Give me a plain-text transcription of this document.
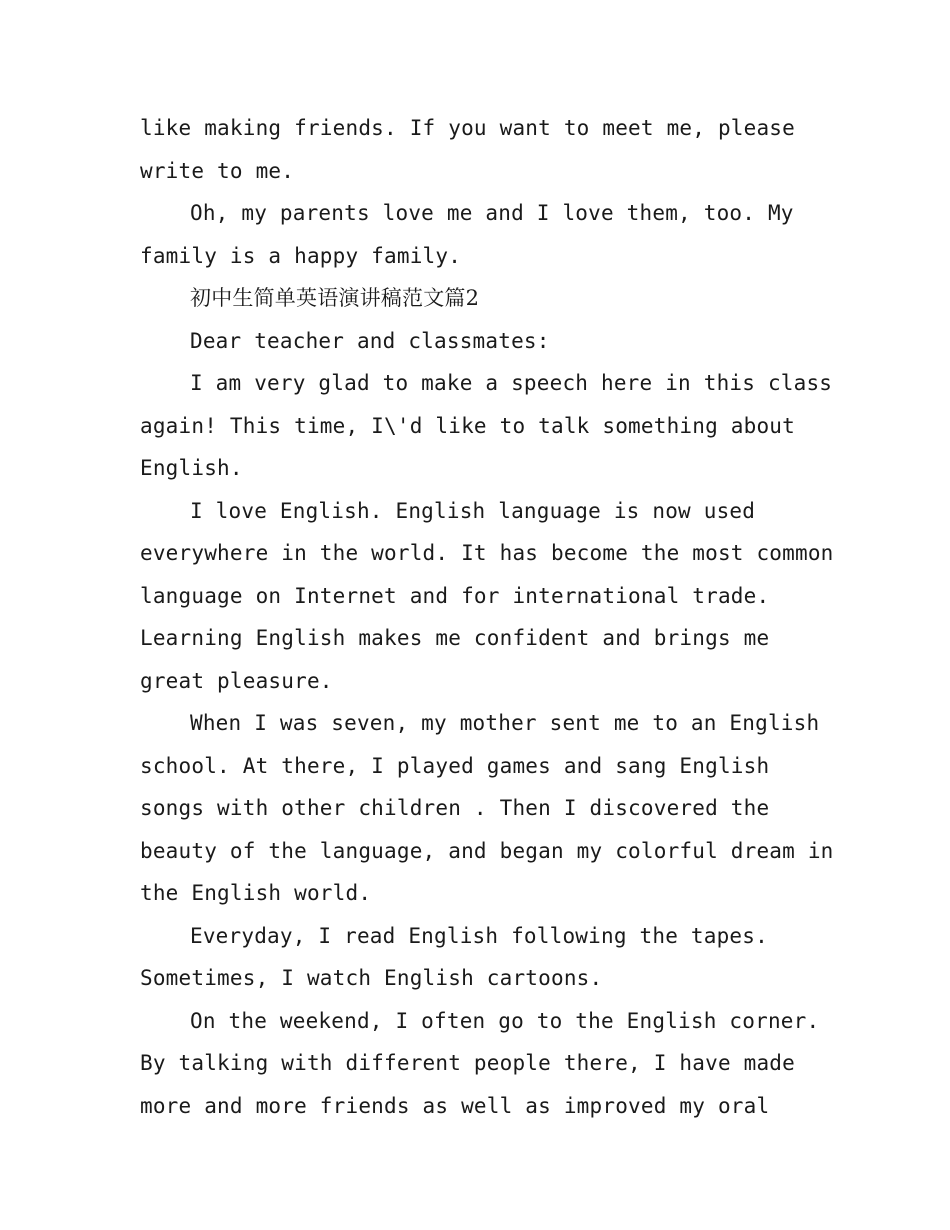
like making friends. If you want to meet me, please
write to me.
Oh, my parents love me and I love them, too. My
family is a happy family.
初中生简单英语演讲稿范文篇2
Dear teacher and classmates:
I am very glad to make a speech here in this class
again! This time, I\'d like to talk something about
English.
I love English. English language is now used
everywhere in the world. It has become the most common
language on Internet and for international trade.
Learning English makes me confident and brings me
great pleasure.
When I was seven, my mother sent me to an English
school. At there, I played games and sang English
songs with other children . Then I discovered the
beauty of the language, and began my colorful dream in
the English world.
Everyday, I read English following the tapes.
Sometimes, I watch English cartoons.
On the weekend, I often go to the English corner.
By talking with different people there, I have made
more and more friends as well as improved my oral
